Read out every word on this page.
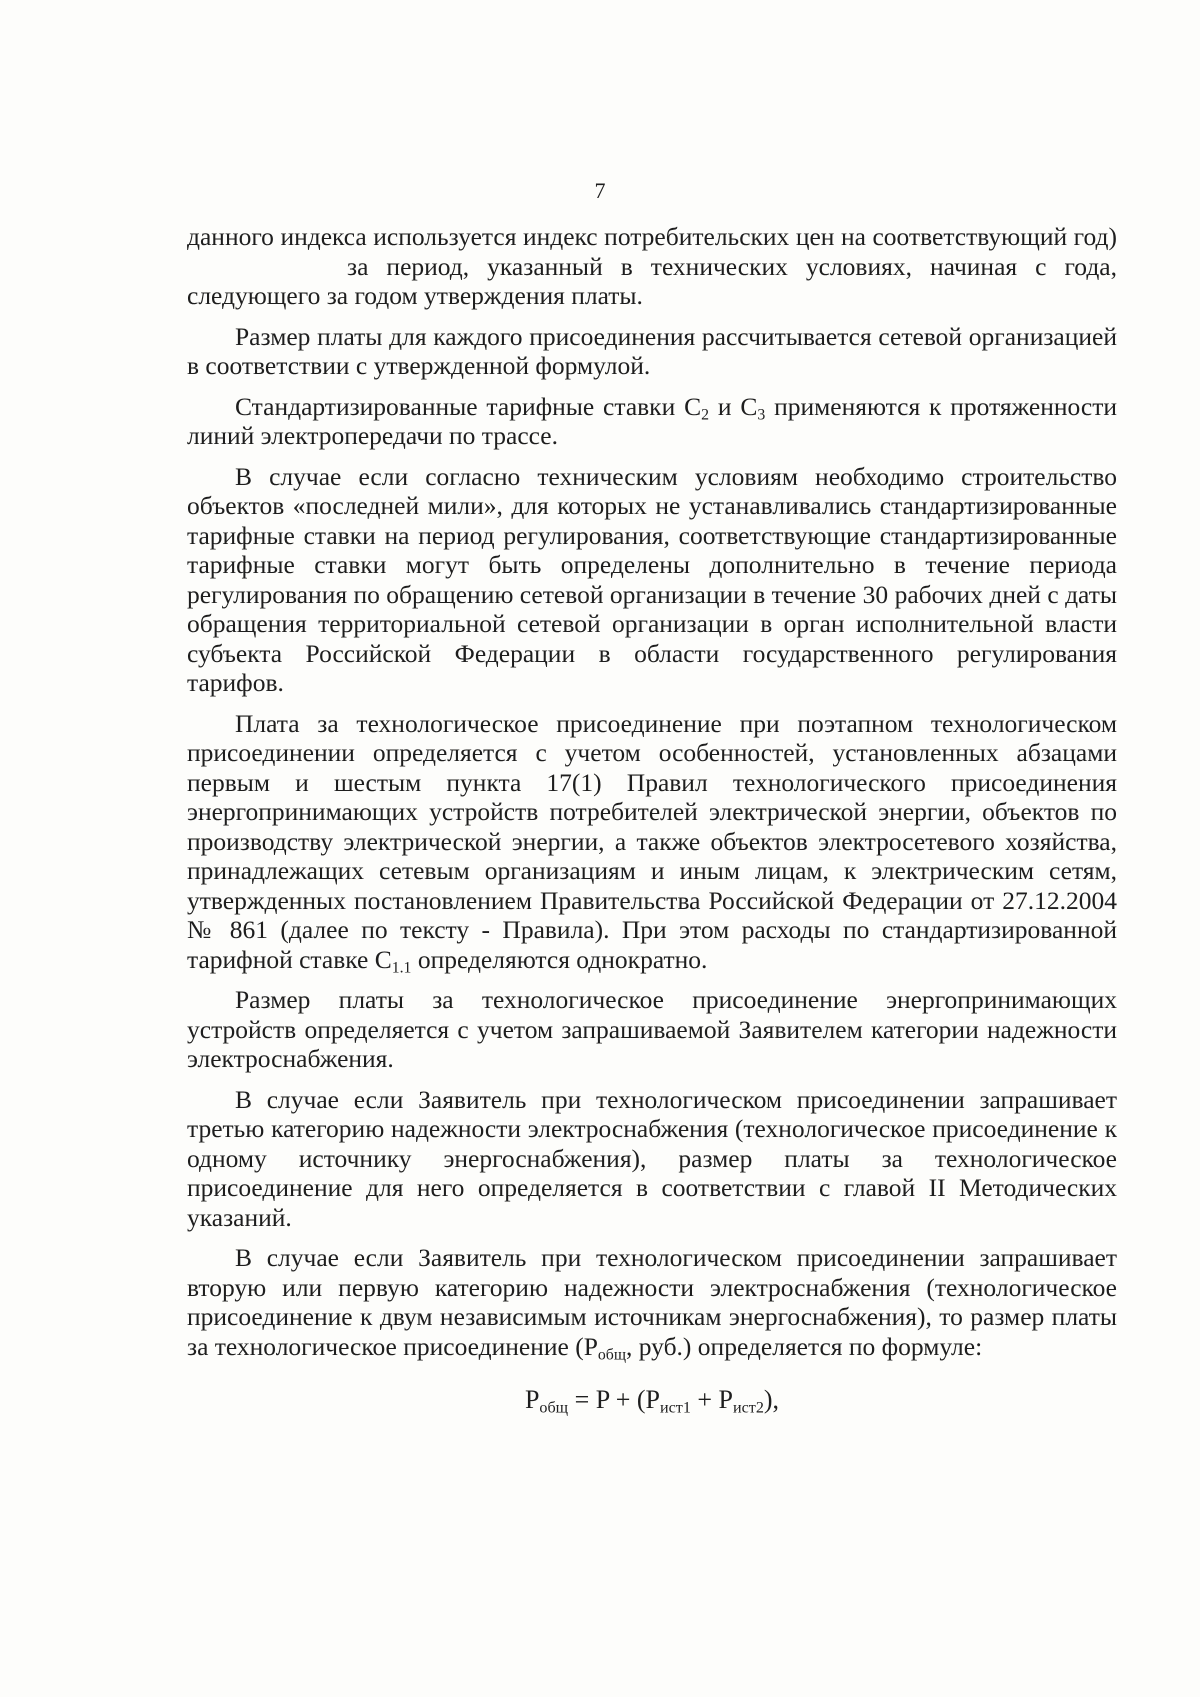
7

данного индекса используется индекс потребительских цен на соответствующий год)за период, указанный в технических условиях, начиная с года, следующего за годом утверждения платы.

Размер платы для каждого присоединения рассчитывается сетевой организацией в соответствии с утвержденной формулой.

Стандартизированные тарифные ставки $C_2$ и $C_3$ применяются к протяженности линий электропередачи по трассе.

В случае если согласно техническим условиям необходимо строительство объектов «последней мили», для которых не устанавливались стандартизированные тарифные ставки на период регулирования, соответствующие стандартизированные тарифные ставки могут быть определены дополнительно в течение периода регулирования по обращению сетевой организации в течение 30 рабочих дней с даты обращения территориальной сетевой организации в орган исполнительной власти субъекта Российской Федерации в области государственного регулирования тарифов.

Плата за технологическое присоединение при поэтапном технологическом присоединении определяется с учетом особенностей, установленных абзацами первым и шестым пункта 17(1) Правил технологического присоединения энергопринимающих устройств потребителей электрической энергии, объектов по производству электрической энергии, а также объектов электросетевого хозяйства, принадлежащих сетевым организациям и иным лицам, к электрическим сетям, утвержденных постановлением Правительства Российской Федерации от 27.12.2004 № 861 (далее по тексту - Правила). При этом расходы по стандартизированной тарифной ставке $C_{1.1}$ определяются однократно.

Размер платы за технологическое присоединение энергопринимающих устройств определяется с учетом запрашиваемой Заявителем категории надежности электроснабжения.

В случае если Заявитель при технологическом присоединении запрашивает третью категорию надежности электроснабжения (технологическое присоединение к одному источнику энергоснабжения), размер платы за технологическое присоединение для него определяется в соответствии с главой II Методических указаний.

В случае если Заявитель при технологическом присоединении запрашивает вторую или первую категорию надежности электроснабжения (технологическое присоединение к двум независимым источникам энергоснабжения), то размер платы за технологическое присоединение ($P_{общ}$, руб.) определяется по формуле:

$P_{общ} = P + (P_{ист1} + P_{ист2})$,
